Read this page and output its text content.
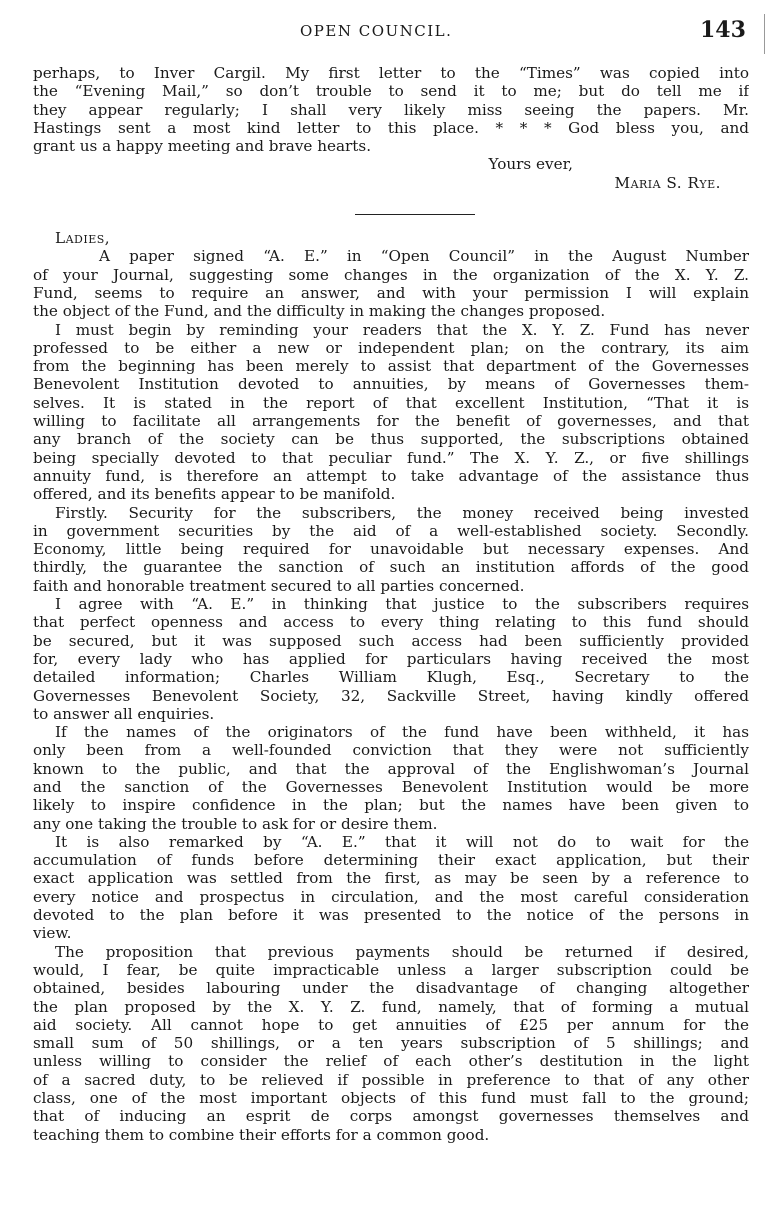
OPEN COUNCIL.	143
perhaps, to Inver Cargil. My first letter to the “Times” was copied into
the “Evening Mail,” so don’t trouble to send it to me; but do tell me if
they appear regularly; I shall very likely miss seeing the papers. Mr.
Hastings sent a most kind letter to this place. * * * God bless you, and
grant us a happy meeting and brave hearts.
Yours ever,
Maria S. Rye.
Ladies,
A paper signed “A. E.” in “Open Council” in the August Number
of your Journal, suggesting some changes in the organization of the X. Y. Z.
Fund, seems to require an answer, and with your permission I will explain
the object of the Fund, and the difficulty in making the changes proposed.
I must begin by reminding your readers that the X. Y. Z. Fund has never
professed to be either a new or independent plan; on the contrary, its aim
from the beginning has been merely to assist that department of the Governesses
Benevolent Institution devoted to annuities, by means of Governesses them-
selves. It is stated in the report of that excellent Institution, “That it is
willing to facilitate all arrangements for the benefit of governesses, and that
any branch of the society can be thus supported, the subscriptions obtained
being specially devoted to that peculiar fund.” The X. Y. Z., or five shillings
annuity fund, is therefore an attempt to take advantage of the assistance thus
offered, and its benefits appear to be manifold.
Firstly. Security for the subscribers, the money received being invested
in government securities by the aid of a well-established society. Secondly.
Economy, little being required for unavoidable but necessary expenses. And
thirdly, the guarantee the sanction of such an institution affords of the good
faith and honorable treatment secured to all parties concerned.
I agree with “A. E.” in thinking that justice to the subscribers requires
that perfect openness and access to every thing relating to this fund should
be secured, but it was supposed such access had been sufficiently provided
for, every lady who has applied for particulars having received the most
detailed information; Charles William Klugh, Esq., Secretary to the
Governesses Benevolent Society, 32, Sackville Street, having kindly offered
to answer all enquiries.
If the names of the originators of the fund have been withheld, it has
only been from a well-founded conviction that they were not sufficiently
known to the public, and that the approval of the Englishwoman’s Journal
and the sanction of the Governesses Benevolent Institution would be more
likely to inspire confidence in the plan; but the names have been given to
any one taking the trouble to ask for or desire them.
It is also remarked by “A. E.” that it will not do to wait for the
accumulation of funds before determining their exact application, but their
exact application was settled from the first, as may be seen by a reference to
every notice and prospectus in circulation, and the most careful consideration
devoted to the plan before it was presented to the notice of the persons in
view.
The proposition that previous payments should be returned if desired,
would, I fear, be quite impracticable unless a larger subscription could be
obtained, besides labouring under the disadvantage of changing altogether
the plan proposed by the X. Y. Z. fund, namely, that of forming a mutual
aid society. All cannot hope to get annuities of £25 per annum for the
small sum of 50 shillings, or a ten years subscription of 5 shillings; and
unless willing to consider the relief of each other’s destitution in the light
of a sacred duty, to be relieved if possible in preference to that of any other
class, one of the most important objects of this fund must fall to the ground;
that of inducing an esprit de corps amongst governesses themselves and
teaching them to combine their efforts for a common good.
